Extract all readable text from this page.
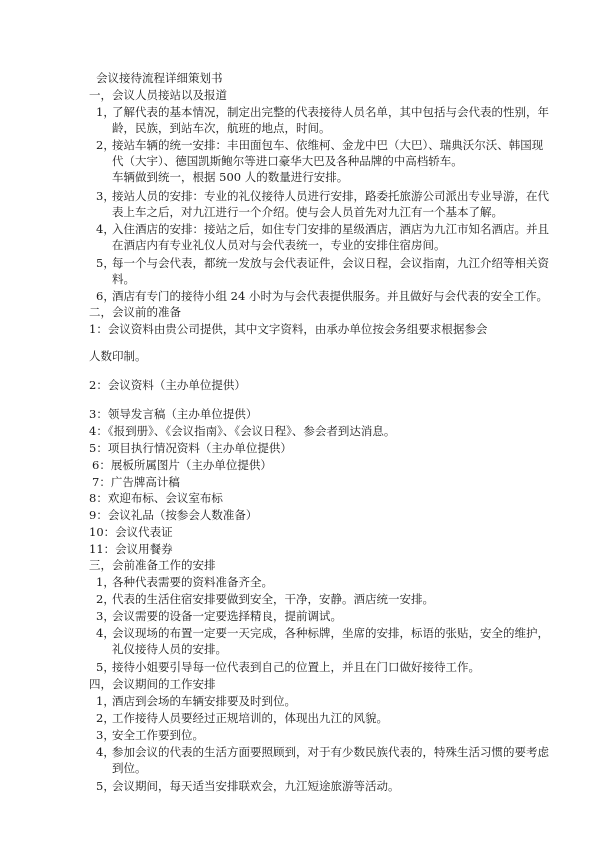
会议接待流程详细策划书
一，会议人员接站以及报道
1，
了解代表的基本情况，制定出完整的代表接待人员名单，其中包括与会代表的性别，年
龄，民族，到站车次，航班的地点，时间。
2，
接站车辆的统一安排：丰田面包车、依维柯、金龙中巴（大巴）、瑞典沃尔沃、韩国现
代（大宇）、德国凯斯鲍尔等进口豪华大巴及各种品牌的中高档轿车。
车辆做到统一，根据 500 人的数量进行安排。
3，
接站人员的安排：专业的礼仪接待人员进行安排，路委托旅游公司派出专业导游，在代
表上车之后，对九江进行一个介绍。使与会人员首先对九江有一个基本了解。
4，
入住酒店的安排：接站之后，如住专门安排的星级酒店，酒店为九江市知名酒店。并且
在酒店内有专业礼仪人员对与会代表统一，专业的安排住宿房间。
5，
每一个与会代表，都统一发放与会代表证件，会议日程，会议指南，九江介绍等相关资
料。
6，
酒店有专门的接待小组 24 小时为与会代表提供服务。并且做好与会代表的安全工作。
二，会议前的准备
1：会议资料由贵公司提供，其中文字资料，由承办单位按会务组要求根据参会
人数印制。
2：会议资料（主办单位提供）
3：领导发言稿（主办单位提供）
4：《报到册》、《会议指南》、《会议日程》、参会者到达消息。
5：项目执行情况资料（主办单位提供）
6：展板所属图片（主办单位提供）
7：广告牌高计稿
8：欢迎布标、会议室布标
9：会议礼品（按参会人数准备）
10：会议代表证
11：会议用餐券
三，会前准备工作的安排
1，
各种代表需要的资料准备齐全。
2，
代表的生活住宿安排要做到安全，干净，安静。酒店统一安排。
3，
会议需要的设备一定要选择精良，提前调试。
4，
会议现场的布置一定要一天完成，各种标牌，坐席的安排，标语的张贴，安全的维护，
礼仪接待人员的安排。
5，
接待小姐要引导每一位代表到自己的位置上，并且在门口做好接待工作。
四，会议期间的工作安排
1，
酒店到会场的车辆安排要及时到位。
2，
工作接待人员要经过正规培训的，体现出九江的风貌。
3，
安全工作要到位。
4，
参加会议的代表的生活方面要照顾到，对于有少数民族代表的，特殊生活习惯的要考虑
到位。
5，
会议期间，每天适当安排联欢会，九江短途旅游等活动。
